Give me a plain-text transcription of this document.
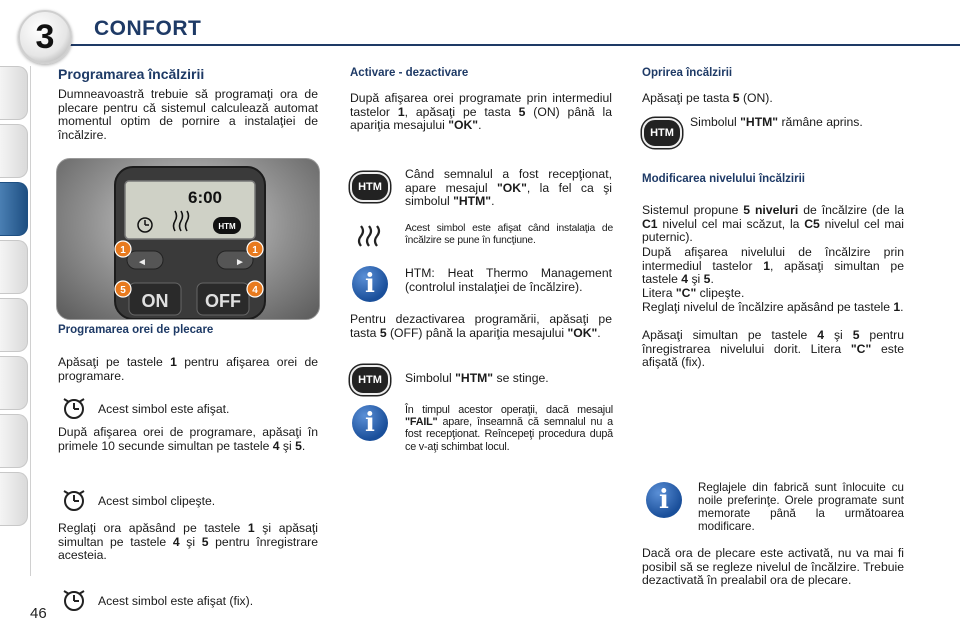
3	CONFORT
46
Programarea încălzirii
Dumneavoastră trebuie să programaţi ora de plecare pentru că sistemul calculează automat momentul optim de pornire a instalaţiei de încălzire.
6:00
HTM
◄	►
ON OFF
1	1
5	4
Programarea orei de plecare
Apăsaţi pe tastele 1 pentru afişarea orei de programare.
Acest simbol este afişat.
După afişarea orei de programare, apăsaţi în primele 10 secunde simultan pe tastele 4 şi 5.
Acest simbol clipeşte.
Reglaţi ora apăsând pe tastele 1 şi apăsaţi simultan pe tastele 4 şi 5 pentru înregistrare acesteia.
Acest simbol este afişat (fix).
Activare - dezactivare
După afişarea orei programate prin intermediul tastelor 1, apăsaţi pe tasta 5 (ON) până la apariţia mesajului "OK".
HTM
Când semnalul a fost recepţionat, apare mesajul "OK", la fel ca şi simbolul "HTM".
Acest simbol este afişat când instalaţia de încălzire se pune în funcţiune.
i	HTM: Heat Thermo Management (controlul instalaţiei de încălzire).
Pentru dezactivarea programării, apăsaţi pe tasta 5 (OFF) până la apariţia mesajului "OK".
HTM	Simbolul "HTM" se stinge.
i	În timpul acestor operaţii, dacă mesajul "FAIL" apare, înseamnă că semnalul nu a fost recepţionat. Reîncepeţi procedura după ce v-aţi schimbat locul.
Oprirea încălzirii
Apăsaţi pe tasta 5 (ON).
HTM
Simbolul "HTM" rămâne aprins.
Modificarea nivelului încălzirii
Sistemul propune 5 niveluri de încălzire (de la C1 nivelul cel mai scăzut, la C5 nivelul cel mai puternic).
După afişarea nivelului de încălzire prin intermediul tastelor 1, apăsaţi simultan pe tastele 4 şi 5.
Litera "C" clipeşte.
Reglaţi nivelul de încălzire apăsând pe tastele 1.
Apăsaţi simultan pe tastele 4 şi 5 pentru înregistrarea nivelului dorit. Litera "C" este afişată (fix).
i	Reglajele din fabrică sunt înlocuite cu noile preferinţe. Orele programate sunt memorate până la următoarea modificare.
Dacă ora de plecare este activată, nu va mai fi posibil să se regleze nivelul de încălzire. Trebuie dezactivată în prealabil ora de plecare.
